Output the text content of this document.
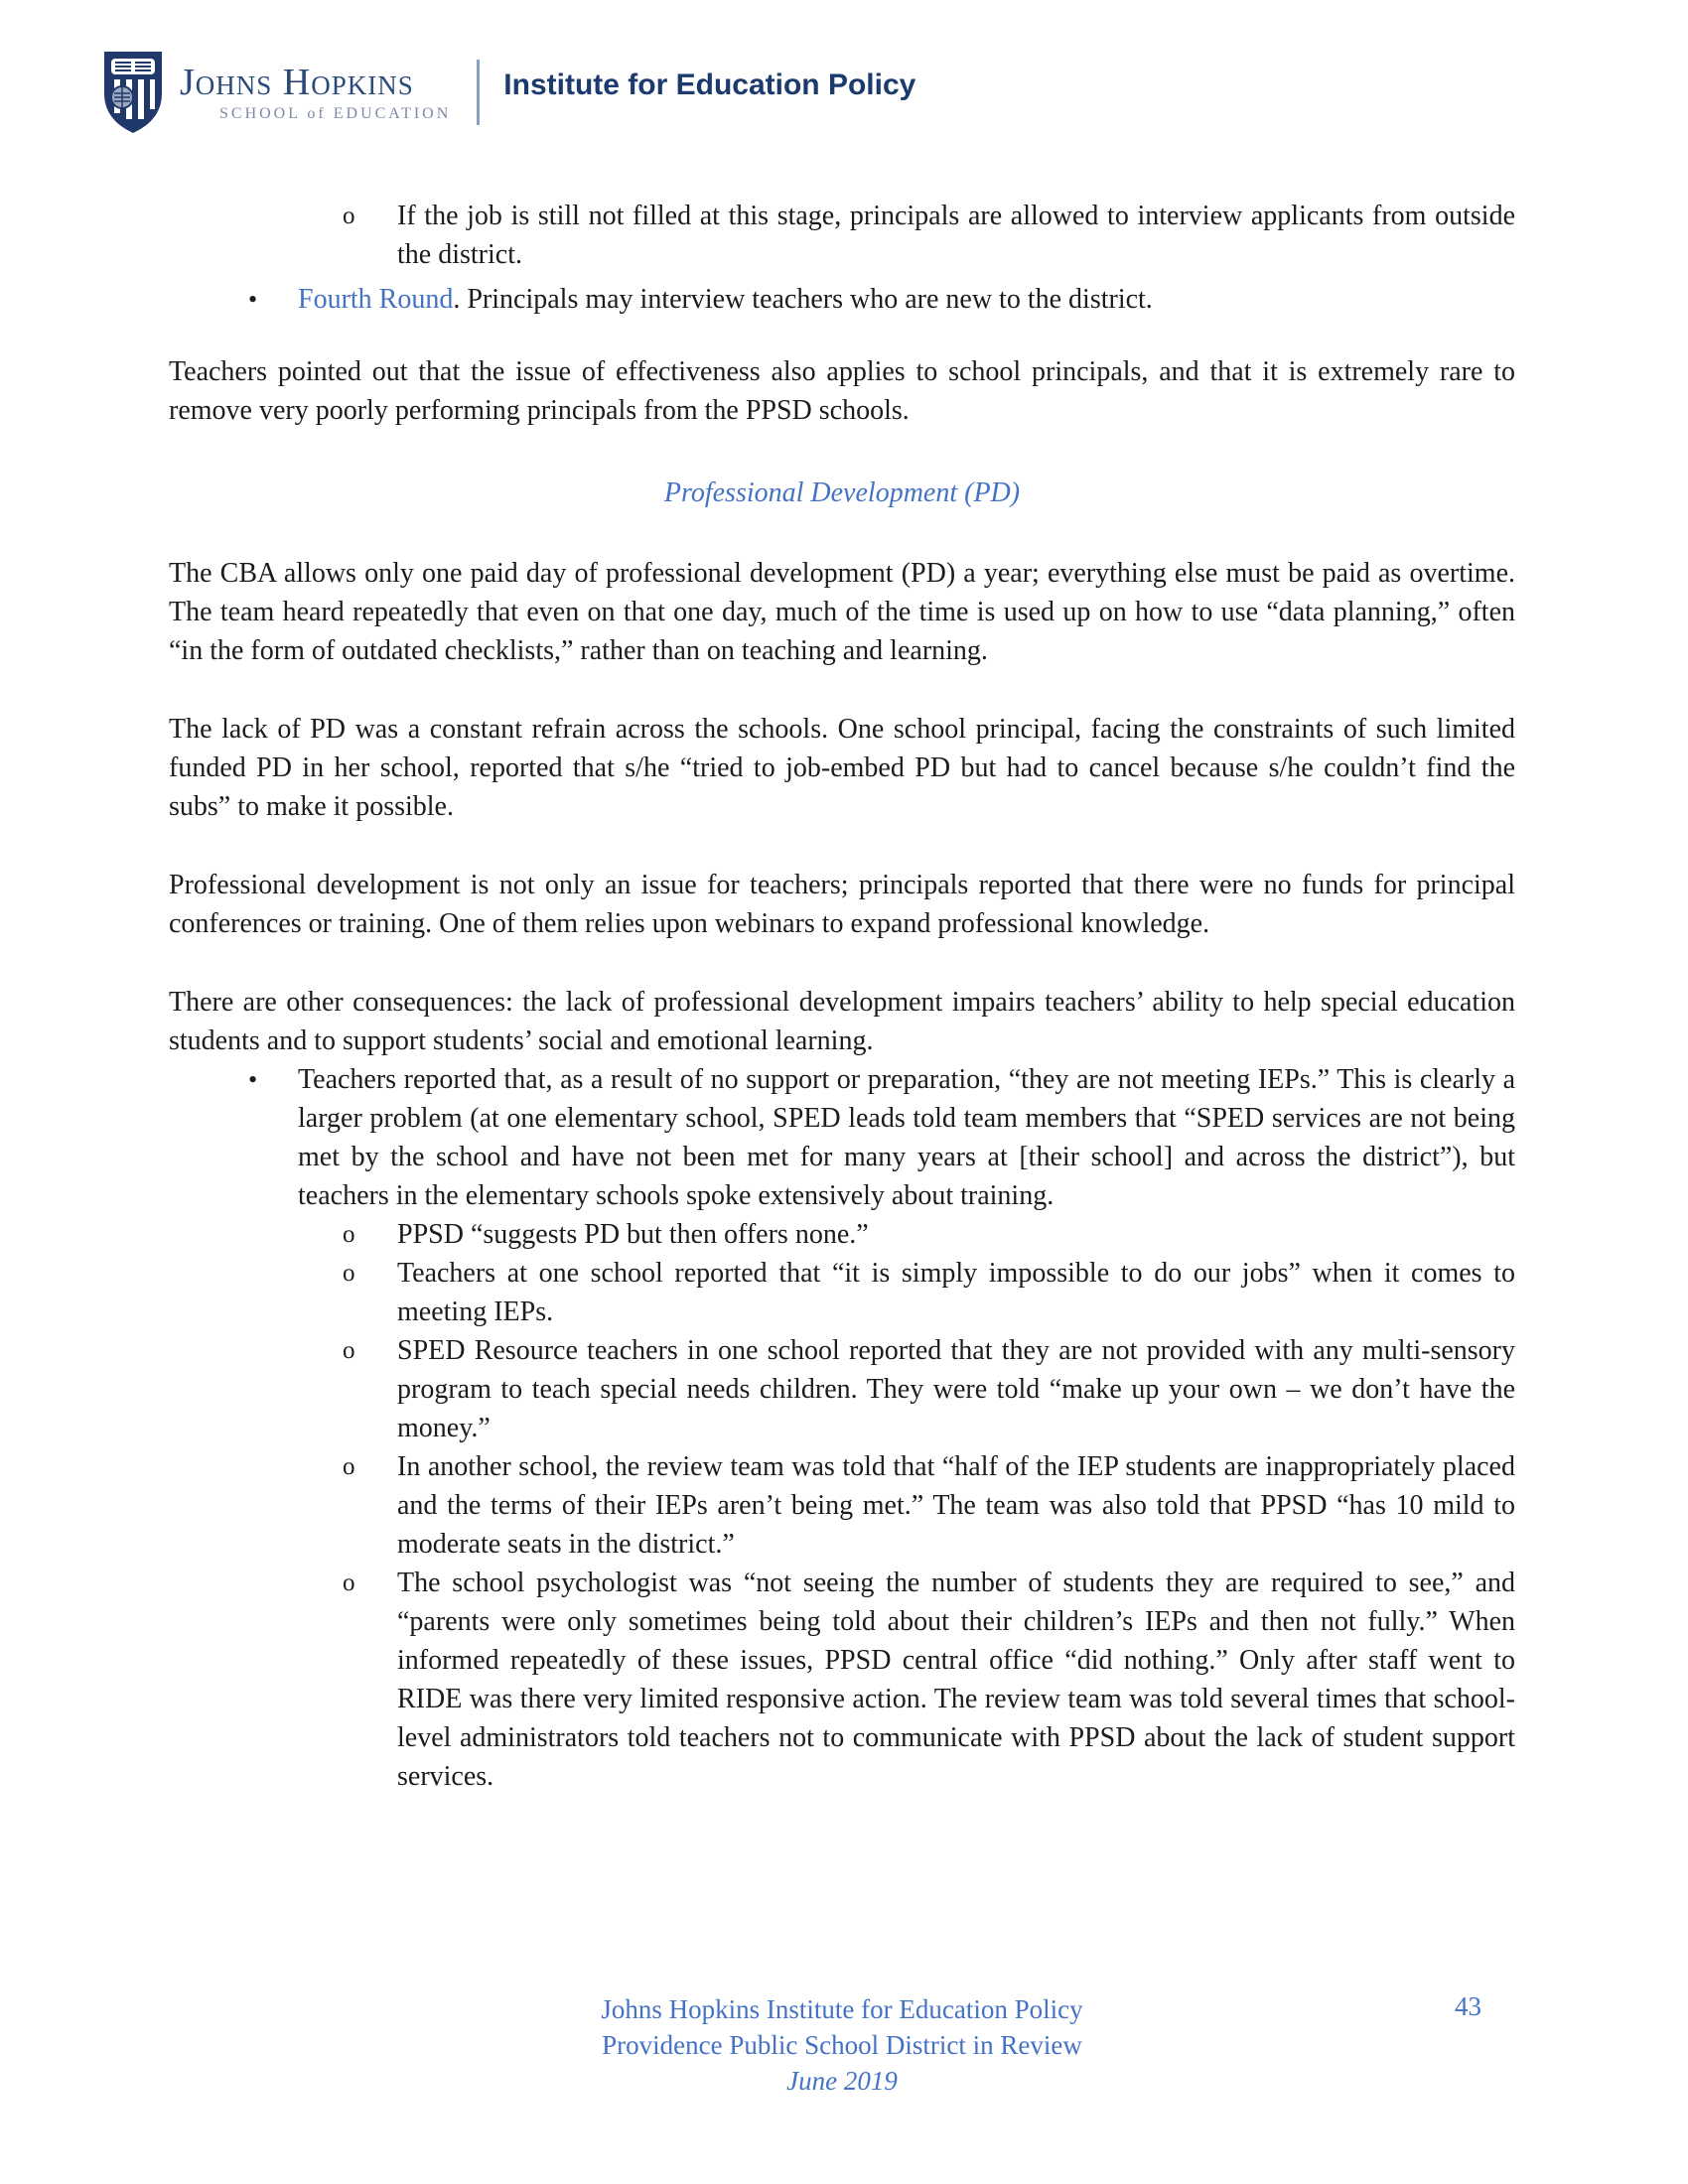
Johns Hopkins
SCHOOL of EDUCATION
Institute for Education Policy
o	If the job is still not filled at this stage, principals are allowed to interview applicants from outside the district.
•	Fourth Round. Principals may interview teachers who are new to the district.

Teachers pointed out that the issue of effectiveness also applies to school principals, and that it is extremely rare to remove very poorly performing principals from the PPSD schools.

Professional Development (PD)

The CBA allows only one paid day of professional development (PD) a year; everything else must be paid as overtime. The team heard repeatedly that even on that one day, much of the time is used up on how to use “data planning,” often “in the form of outdated checklists,” rather than on teaching and learning.

The lack of PD was a constant refrain across the schools. One school principal, facing the constraints of such limited funded PD in her school, reported that s/he “tried to job-embed PD but had to cancel because s/he couldn’t find the subs” to make it possible.

Professional development is not only an issue for teachers; principals reported that there were no funds for principal conferences or training. One of them relies upon webinars to expand professional knowledge.

There are other consequences: the lack of professional development impairs teachers’ ability to help special education students and to support students’ social and emotional learning.

•	Teachers reported that, as a result of no support or preparation, “they are not meeting IEPs.” This is clearly a larger problem (at one elementary school, SPED leads told team members that “SPED services are not being met by the school and have not been met for many years at [their school] and across the district”), but teachers in the elementary schools spoke extensively about training.
o	PPSD “suggests PD but then offers none.”
o	Teachers at one school reported that “it is simply impossible to do our jobs” when it comes to meeting IEPs.
o	SPED Resource teachers in one school reported that they are not provided with any multi-sensory program to teach special needs children. They were told “make up your own – we don’t have the money.”
o	In another school, the review team was told that “half of the IEP students are inappropriately placed and the terms of their IEPs aren’t being met.” The team was also told that PPSD “has 10 mild to moderate seats in the district.”
o	The school psychologist was “not seeing the number of students they are required to see,” and “parents were only sometimes being told about their children’s IEPs and then not fully.” When informed repeatedly of these issues, PPSD central office “did nothing.” Only after staff went to RIDE was there very limited responsive action. The review team was told several times that school-level administrators told teachers not to communicate with PPSD about the lack of student support services.
Johns Hopkins Institute for Education Policy
Providence Public School District in Review
June 2019
43
